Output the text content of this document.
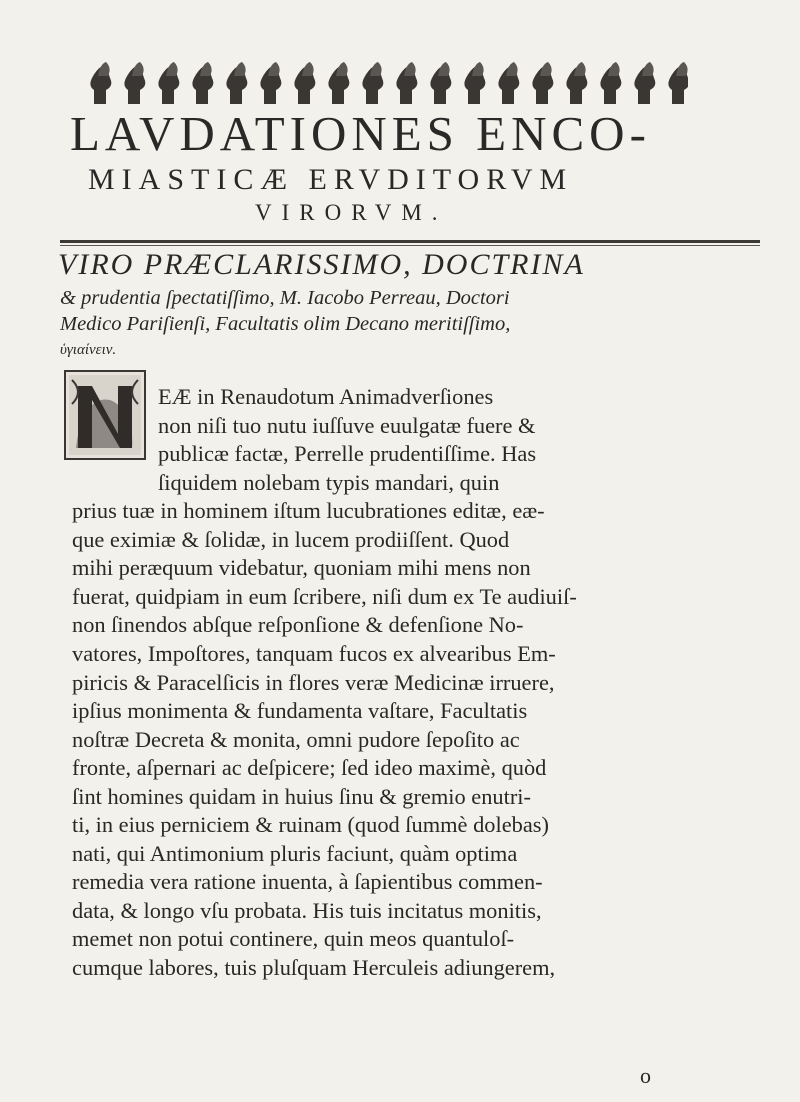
LAVDATIONES ENCO-
MIASTICÆ ERVDITORVM
VIRORVM.
VIRO PRÆCLARISSIMO, DOCTRINA
& prudentia ſpectatiſſimo, M. Iacobo Perreau, Doctori
Medico Pariſienſi, Facultatis olim Decano meritiſſimo,
ὑγιαίνειν.
EÆ in Renaudotum Animadverſiones
non niſi tuo nutu iuſſuve euulgatæ fuere &
publicæ factæ, Perrelle prudentiſſime. Has
ſiquidem nolebam typis mandari, quin
prius tuæ in hominem iſtum lucubrationes editæ, eæ-
que eximiæ & ſolidæ, in lucem prodiiſſent. Quod
mihi peræquum videbatur, quoniam mihi mens non
fuerat, quidpiam in eum ſcribere, niſi dum ex Te audiuiſ-
non ſinendos abſque reſponſione & defenſione No-
vatores, Impoſtores, tanquam fucos ex alvearibus Em-
piricis & Paracelſicis in flores veræ Medicinæ irruere,
ipſius monimenta & fundamenta vaſtare, Facultatis
noſtræ Decreta & monita, omni pudore ſepoſito ac
fronte, aſpernari ac deſpicere; ſed ideo maximè, quòd
ſint homines quidam in huius ſinu & gremio enutri-
ti, in eius perniciem & ruinam (quod ſummè dolebas)
nati, qui Antimonium pluris faciunt, quàm optima
remedia vera ratione inuenta, à ſapientibus commen-
data, & longo vſu probata. His tuis incitatus monitis,
memet non potui continere, quin meos quantuloſ-
cumque labores, tuis pluſquam Herculeis adiungerem,
o
